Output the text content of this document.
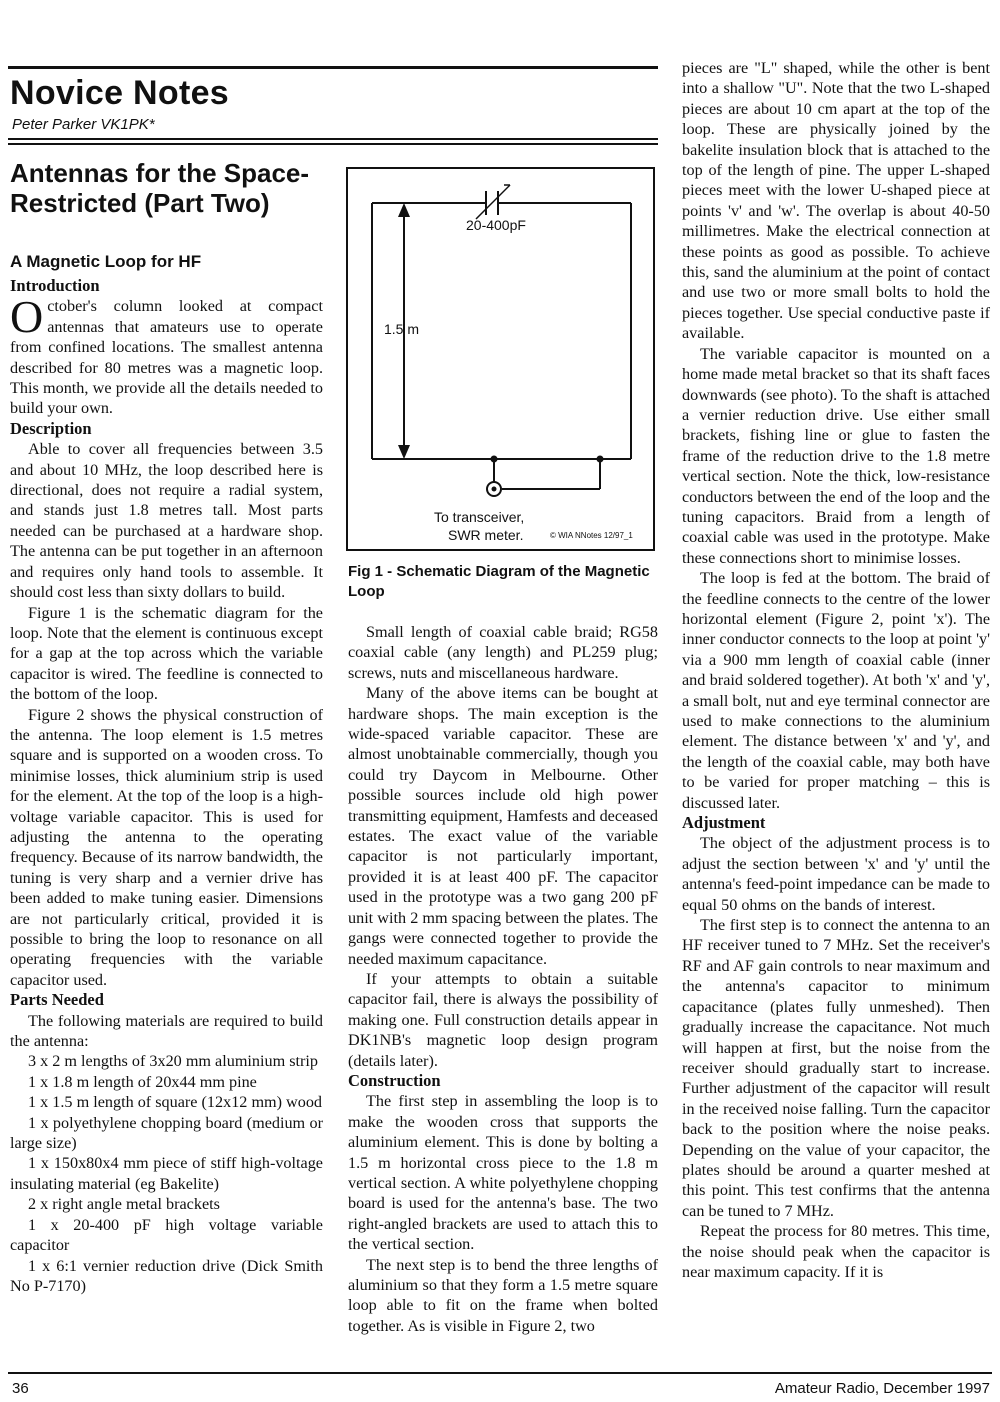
Novice Notes
Peter Parker VK1PK*
Antennas for the Space-Restricted (Part Two)
A Magnetic Loop for HF
Introduction

October's column looked at compact antennas that amateurs use to operate from confined locations. The smallest antenna described for 80 metres was a magnetic loop. This month, we provide all the details needed to build your own.

Description

Able to cover all frequencies between 3.5 and about 10 MHz, the loop described here is directional, does not require a radial system, and stands just 1.8 metres tall. Most parts needed can be purchased at a hardware shop. The antenna can be put together in an afternoon and requires only hand tools to assemble. It should cost less than sixty dollars to build.

Figure 1 is the schematic diagram for the loop. Note that the element is continuous except for a gap at the top across which the variable capacitor is wired. The feedline is connected to the bottom of the loop.

Figure 2 shows the physical construction of the antenna. The loop element is 1.5 metres square and is supported on a wooden cross. To minimise losses, thick aluminium strip is used for the element. At the top of the loop is a high-voltage variable capacitor. This is used for adjusting the antenna to the operating frequency. Because of its narrow bandwidth, the tuning is very sharp and a vernier drive has been added to make tuning easier. Dimensions are not particularly critical, provided it is possible to bring the loop to resonance on all operating frequencies with the variable capacitor used.

Parts Needed

The following materials are required to build the antenna:

3 x 2 m lengths of 3x20 mm aluminium strip

1 x 1.8 m length of 20x44 mm pine

1 x 1.5 m length of square (12x12 mm) wood

1 x polyethylene chopping board (medium or large size)

1 x 150x80x4 mm piece of stiff high-voltage insulating material (eg Bakelite)

2 x right angle metal brackets

1 x 20-400 pF high voltage variable capacitor

1 x 6:1 vernier reduction drive (Dick Smith No P-7170)

20-400pF
1.5 m
To transceiver,
SWR meter.	© WIA NNotes 12/97_1
Fig 1 - Schematic Diagram of the Magnetic Loop

Small length of coaxial cable braid; RG58 coaxial cable (any length) and PL259 plug; screws, nuts and miscellaneous hardware.

Many of the above items can be bought at hardware shops. The main exception is the wide-spaced variable capacitor. These are almost unobtainable commercially, though you could try Daycom in Melbourne. Other possible sources include old high power transmitting equipment, Hamfests and deceased estates. The exact value of the variable capacitor is not particularly important, provided it is at least 400 pF. The capacitor used in the prototype was a two gang 200 pF unit with 2 mm spacing between the plates. The gangs were connected together to provide the needed maximum capacitance.

If your attempts to obtain a suitable capacitor fail, there is always the possibility of making one. Full construction details appear in DK1NB's magnetic loop design program (details later).

Construction

The first step in assembling the loop is to make the wooden cross that supports the aluminium element. This is done by bolting a 1.5 m horizontal cross piece to the 1.8 m vertical section. A white polyethylene chopping board is used for the antenna's base. The two right-angled brackets are used to attach this to the vertical section.

The next step is to bend the three lengths of aluminium so that they form a 1.5 metre square loop able to fit on the frame when bolted together. As is visible in Figure 2, two

pieces are "L" shaped, while the other is bent into a shallow "U". Note that the two L-shaped pieces are about 10 cm apart at the top of the loop. These are physically joined by the bakelite insulation block that is attached to the top of the length of pine. The upper L-shaped pieces meet with the lower U-shaped piece at points 'v' and 'w'. The overlap is about 40-50 millimetres. Make the electrical connection at these points as good as possible. To achieve this, sand the aluminium at the point of contact and use two or more small bolts to hold the pieces together. Use special conductive paste if available.

The variable capacitor is mounted on a home made metal bracket so that its shaft faces downwards (see photo). To the shaft is attached a vernier reduction drive. Use either small brackets, fishing line or glue to fasten the frame of the reduction drive to the 1.8 metre vertical section. Note the thick, low-resistance conductors between the end of the loop and the tuning capacitors. Braid from a length of coaxial cable was used in the prototype. Make these connections short to minimise losses.

The loop is fed at the bottom. The braid of the feedline connects to the centre of the lower horizontal element (Figure 2, point 'x'). The inner conductor connects to the loop at point 'y' via a 900 mm length of coaxial cable (inner and braid soldered together). At both 'x' and 'y', a small bolt, nut and eye terminal connector are used to make connections to the aluminium element. The distance between 'x' and 'y', and the length of the coaxial cable, may both have to be varied for proper matching – this is discussed later.

Adjustment

The object of the adjustment process is to adjust the section between 'x' and 'y' until the antenna's feed-point impedance can be made to equal 50 ohms on the bands of interest.

The first step is to connect the antenna to an HF receiver tuned to 7 MHz. Set the receiver's RF and AF gain controls to near maximum and the antenna's capacitor to minimum capacitance (plates fully unmeshed). Then gradually increase the capacitance. Not much will happen at first, but the noise from the receiver should gradually start to increase. Further adjustment of the capacitor will result in the received noise falling. Turn the capacitor back to the position where the noise peaks. Depending on the value of your capacitor, the plates should be around a quarter meshed at this point. This test confirms that the antenna can be tuned to 7 MHz.

Repeat the process for 80 metres. This time, the noise should peak when the capacitor is near maximum capacity. If it is

36	Amateur Radio, December 1997
